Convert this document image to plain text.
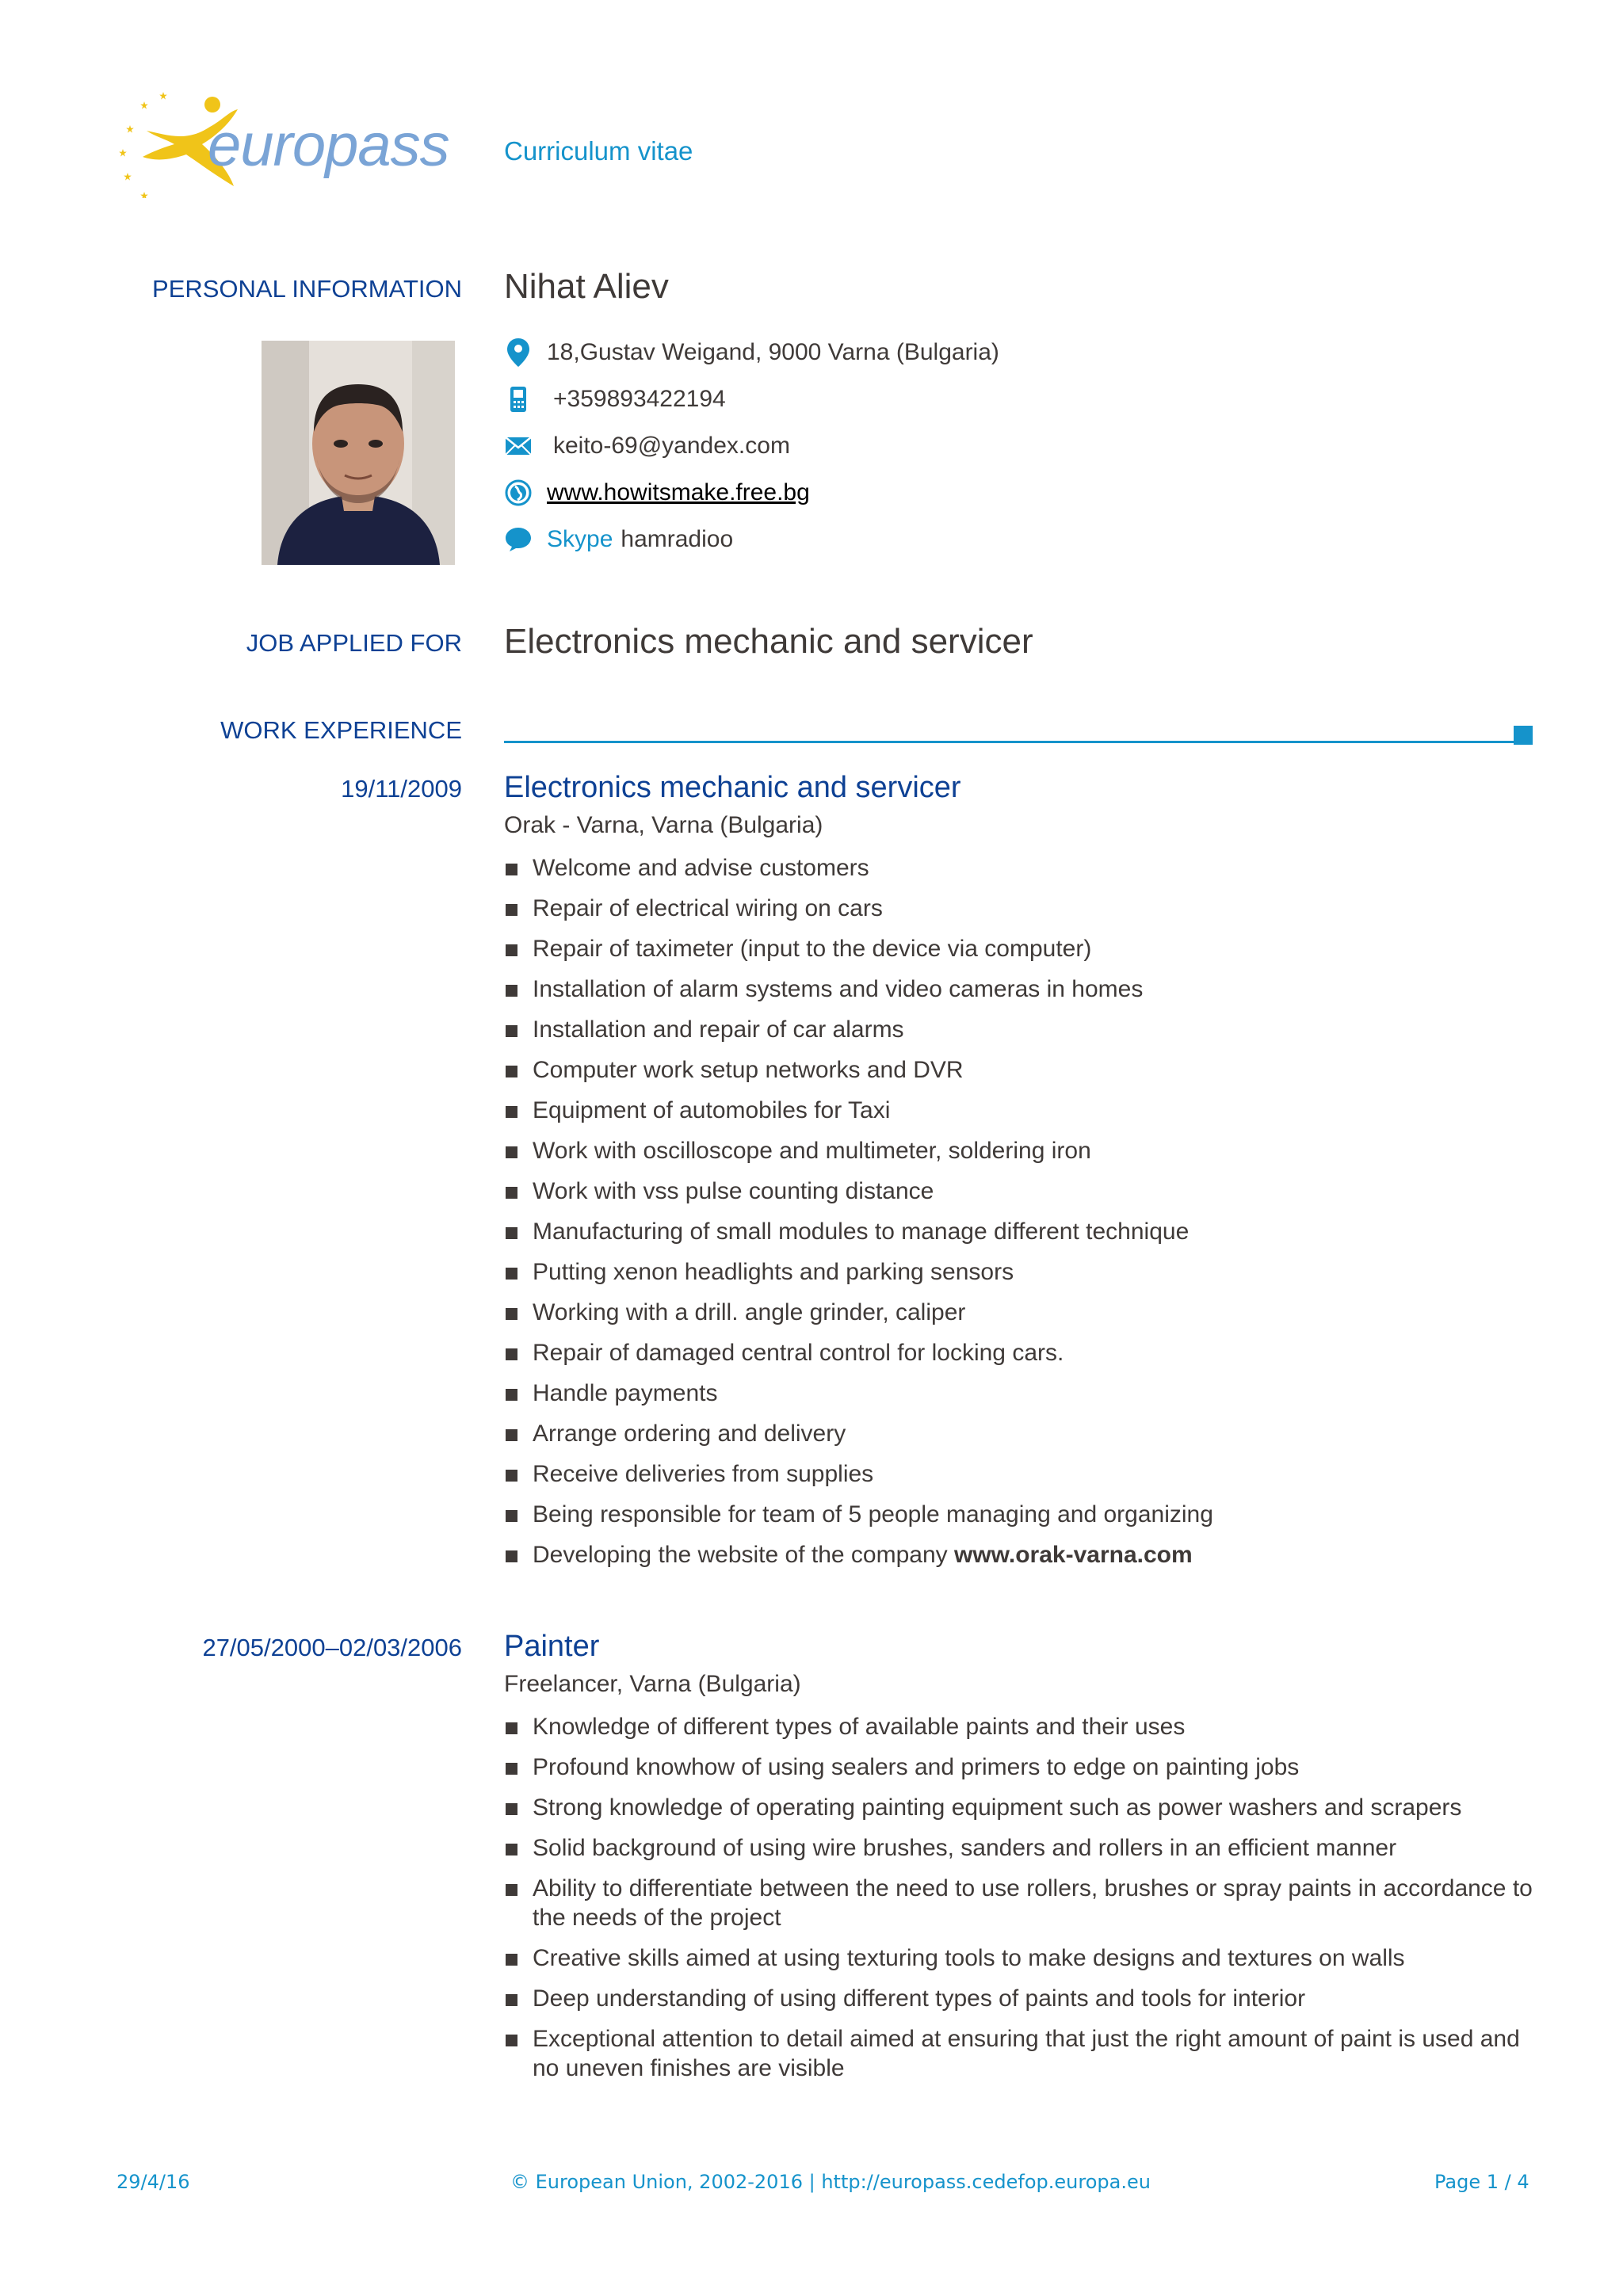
europass Curriculum vitae
PERSONAL INFORMATION Nihat Aliev
18,Gustav Weigand, 9000 Varna (Bulgaria)
+359893422194
keito-69@yandex.com
www.howitsmake.free.bg
Skype hamradioo
JOB APPLIED FOR Electronics mechanic and servicer
WORK EXPERIENCE
19/11/2009 Electronics mechanic and servicer
Orak - Varna, Varna (Bulgaria)
Welcome and advise customers
Repair of electrical wiring on cars
Repair of taximeter (input to the device via computer)
Installation of alarm systems and video cameras in homes
Installation and repair of car alarms
Computer work setup networks and DVR
Equipment of automobiles for Taxi
Work with oscilloscope and multimeter, soldering iron
Work with vss pulse counting distance
Manufacturing of small modules to manage different technique
Putting xenon headlights and parking sensors
Working with a drill. angle grinder, caliper
Repair of damaged central control for locking cars.
Handle payments
Arrange ordering and delivery
Receive deliveries from supplies
Being responsible for team of 5 people managing and organizing
Developing the website of the company www.orak-varna.com
27/05/2000–02/03/2006 Painter
Freelancer, Varna (Bulgaria)
Knowledge of different types of available paints and their uses
Profound knowhow of using sealers and primers to edge on painting jobs
Strong knowledge of operating painting equipment such as power washers and scrapers
Solid background of using wire brushes, sanders and rollers in an efficient manner
Ability to differentiate between the need to use rollers, brushes or spray paints in accordance to the needs of the project
Creative skills aimed at using texturing tools to make designs and textures on walls
Deep understanding of using different types of paints and tools for interior
Exceptional attention to detail aimed at ensuring that just the right amount of paint is used and no uneven finishes are visible
29/4/16	© European Union, 2002-2016 | http://europass.cedefop.europa.eu	Page 1 / 4
